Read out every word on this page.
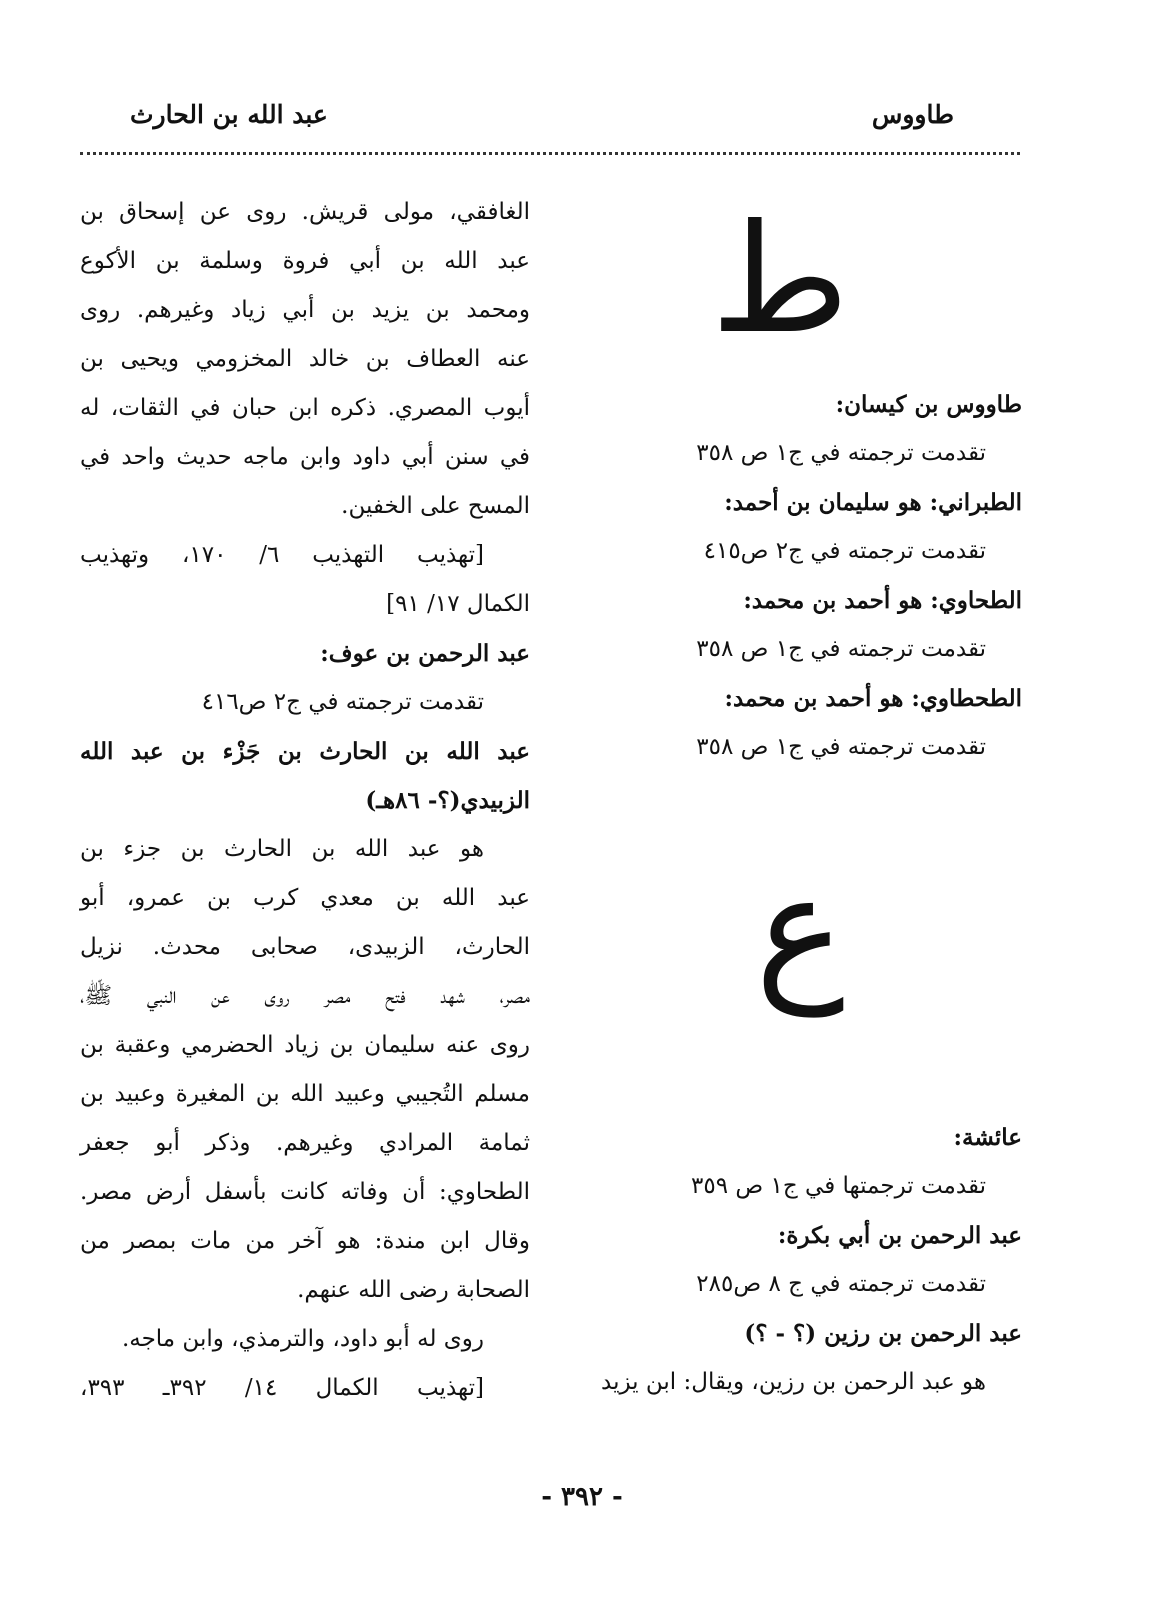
طاووس
عبد الله بن الحارث
الغافقي، مولى قريش. روى عن إسحاق بن
عبد الله بن أبي فروة وسلمة بن الأكوع
ومحمد بن يزيد بن أبي زياد وغيرهم. روى
عنه العطاف بن خالد المخزومي ويحيى بن
أيوب المصري. ذكره ابن حبان في الثقات، له
في سنن أبي داود وابن ماجه حديث واحد في
المسح على الخفين.
[تهذيب التهذيب ٦/ ١٧٠، وتهذيب
الكمال ١٧/ ٩١]
عبد الرحمن بن عوف:
تقدمت ترجمته في ج٢ ص٤١٦
عبد الله بن الحارث بن جَزْء بن عبد الله
الزبيدي(؟- ٨٦هـ)
هو عبد الله بن الحارث بن جزء بن
عبد الله بن معدي كرب بن عمرو، أبو
الحارث، الزبيدى، صحابى محدث. نزيل
مصر، شهد فتح مصر روى عن النبي ﷺ،
روى عنه سليمان بن زياد الحضرمي وعقبة بن
مسلم التُجيبي وعبيد الله بن المغيرة وعبيد بن
ثمامة المرادي وغيرهم. وذكر أبو جعفر
الطحاوي: أن وفاته كانت بأسفل أرض مصر.
وقال ابن مندة: هو آخر من مات بمصر من
الصحابة رضى الله عنهم.
روى له أبو داود، والترمذي، وابن ماجه.
[تهذيب الكمال ١٤/ ٣٩٢ـ ٣٩٣،
ط
طاووس بن كيسان:
تقدمت ترجمته في ج١ ص ٣٥٨
الطبراني: هو سليمان بن أحمد:
تقدمت ترجمته في ج٢ ص٤١٥
الطحاوي: هو أحمد بن محمد:
تقدمت ترجمته في ج١ ص ٣٥٨
الطحطاوي: هو أحمد بن محمد:
تقدمت ترجمته في ج١ ص ٣٥٨
ع
عائشة:
تقدمت ترجمتها في ج١ ص ٣٥٩
عبد الرحمن بن أبي بكرة:
تقدمت ترجمته في ج ٨ ص٢٨٥
عبد الرحمن بن رزين (؟ - ؟)
هو عبد الرحمن بن رزين، ويقال: ابن يزيد
- ٣٩٢ -
